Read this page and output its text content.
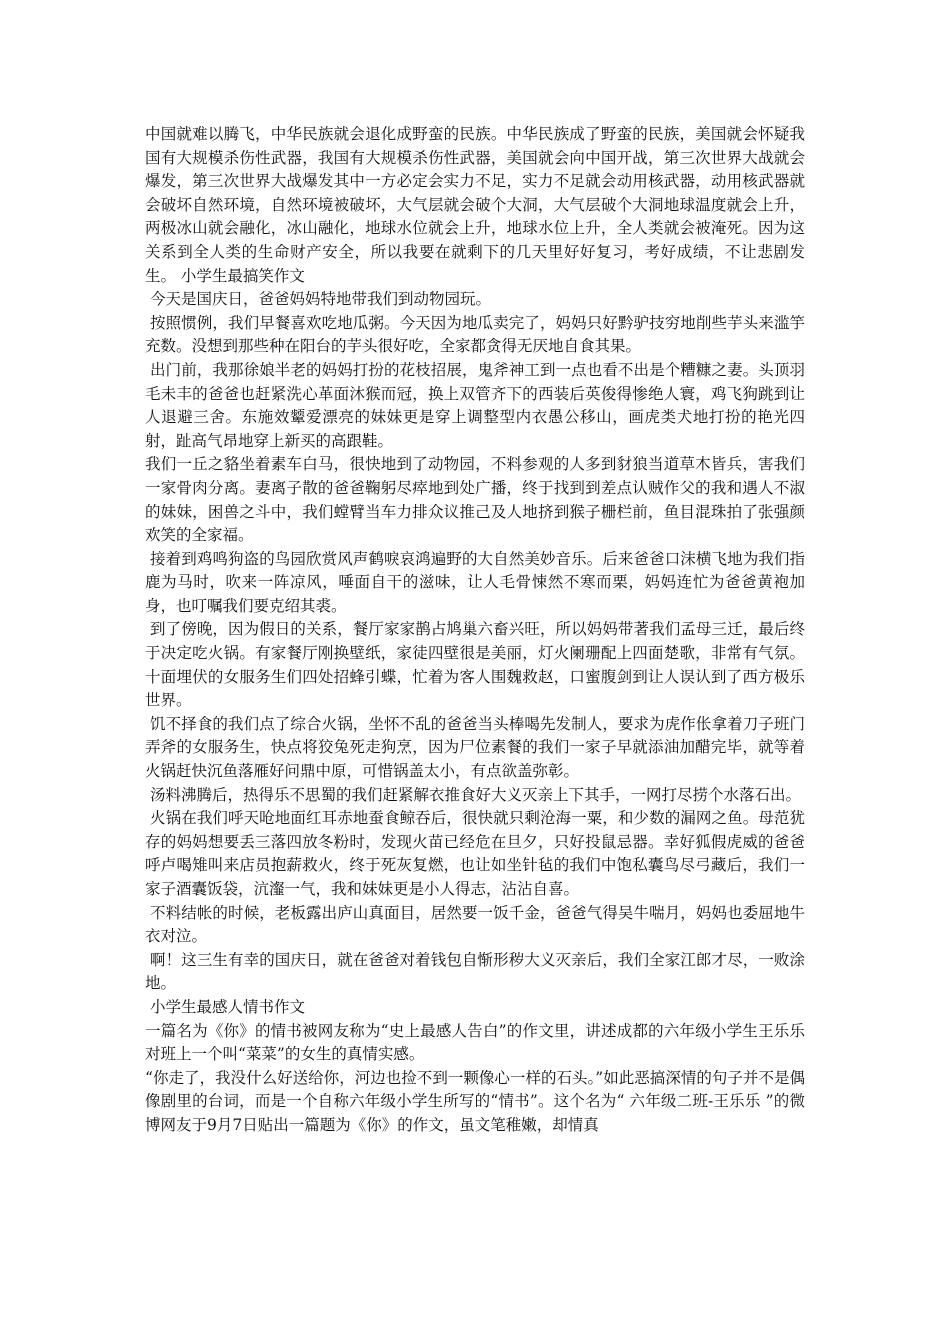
中国就难以腾飞，中华民族就会退化成野蛮的民族。中华民族成了野蛮的民族，美国就会怀疑我国有大规模杀伤性武器，我国有大规模杀伤性武器，美国就会向中国开战，第三次世界大战就会爆发，第三次世界大战爆发其中一方必定会实力不足，实力不足就会动用核武器，动用核武器就会破坏自然环境，自然环境被破坏，大气层就会破个大洞，大气层破个大洞地球温度就会上升，两极冰山就会融化，冰山融化，地球水位就会上升，地球水位上升，全人类就会被淹死。因为这关系到全人类的生命财产安全，所以我要在就剩下的几天里好好复习，考好成绩，不让悲剧发生。 小学生最搞笑作文

今天是国庆日，爸爸妈妈特地带我们到动物园玩。

按照惯例，我们早餐喜欢吃地瓜粥。今天因为地瓜卖完了，妈妈只好黔驴技穷地削些芋头来滥竽充数。没想到那些种在阳台的芋头很好吃，全家都贪得无厌地自食其果。

出门前，我那徐娘半老的妈妈打扮的花枝招展，鬼斧神工到一点也看不出是个糟糠之妻。头顶羽毛未丰的爸爸也赶紧洗心革面沐猴而冠，换上双管齐下的西装后英俊得惨绝人寰，鸡飞狗跳到让人退避三舍。东施效颦爱漂亮的妹妹更是穿上调整型内衣愚公移山，画虎类犬地打扮的艳光四射，趾高气昂地穿上新买的高跟鞋。

我们一丘之貉坐着素车白马，很快地到了动物园，不料参观的人多到豺狼当道草木皆兵，害我们一家骨肉分离。妻离子散的爸爸鞠躬尽瘁地到处广播，终于找到到差点认贼作父的我和遇人不淑的妹妹，困兽之斗中，我们螳臂当车力排众议推己及人地挤到猴子栅栏前，鱼目混珠拍了张强颜欢笑的全家福。

接着到鸡鸣狗盗的鸟园欣赏风声鹤唳哀鸿遍野的大自然美妙音乐。后来爸爸口沫横飞地为我们指鹿为马时，吹来一阵凉风，唾面自干的滋味，让人毛骨悚然不寒而栗，妈妈连忙为爸爸黄袍加身，也叮嘱我们要克绍其裘。

到了傍晚，因为假日的关系，餐厅家家鹊占鸠巢六畜兴旺，所以妈妈带著我们孟母三迁，最后终于决定吃火锅。有家餐厅刚换壁纸，家徒四壁很是美丽，灯火阑珊配上四面楚歌，非常有气氛。十面埋伏的女服务生们四处招蜂引蝶，忙着为客人围魏救赵，口蜜腹剑到让人误认到了西方极乐世界。

饥不择食的我们点了综合火锅，坐怀不乱的爸爸当头棒喝先发制人，要求为虎作伥拿着刀子班门弄斧的女服务生，快点将狡兔死走狗烹，因为尸位素餐的我们一家子早就添油加醋完毕，就等着火锅赶快沉鱼落雁好问鼎中原，可惜锅盖太小，有点欲盖弥彰。

汤料沸腾后，热得乐不思蜀的我们赶紧解衣推食好大义灭亲上下其手，一网打尽捞个水落石出。

火锅在我们呼天呛地面红耳赤地蚕食鲸吞后，很快就只剩沧海一粟，和少数的漏网之鱼。母范犹存的妈妈想要丢三落四放冬粉时，发现火苗已经危在旦夕，只好投鼠忌器。幸好狐假虎威的爸爸呼卢喝雉叫来店员抱薪救火，终于死灰复燃，也让如坐针毡的我们中饱私囊鸟尽弓藏后，我们一家子酒囊饭袋，沆瀣一气，我和妹妹更是小人得志，沾沾自喜。

不料结帐的时候，老板露出庐山真面目，居然要一饭千金，爸爸气得吴牛喘月，妈妈也委屈地牛衣对泣。

啊！这三生有幸的国庆日，就在爸爸对着钱包自惭形秽大义灭亲后，我们全家江郎才尽，一败涂地。

小学生最感人情书作文

一篇名为《你》的情书被网友称为“史上最感人告白”的作文里，讲述成都的六年级小学生王乐乐对班上一个叫“菜菜”的女生的真情实感。

“你走了，我没什么好送给你，河边也捡不到一颗像心一样的石头。”如此恶搞深情的句子并不是偶像剧里的台词，而是一个自称六年级小学生所写的“情书”。这个名为“ 六年级二班-王乐乐 ”的微博网友于9月7日贴出一篇题为《你》的作文，虽文笔稚嫩，却情真
